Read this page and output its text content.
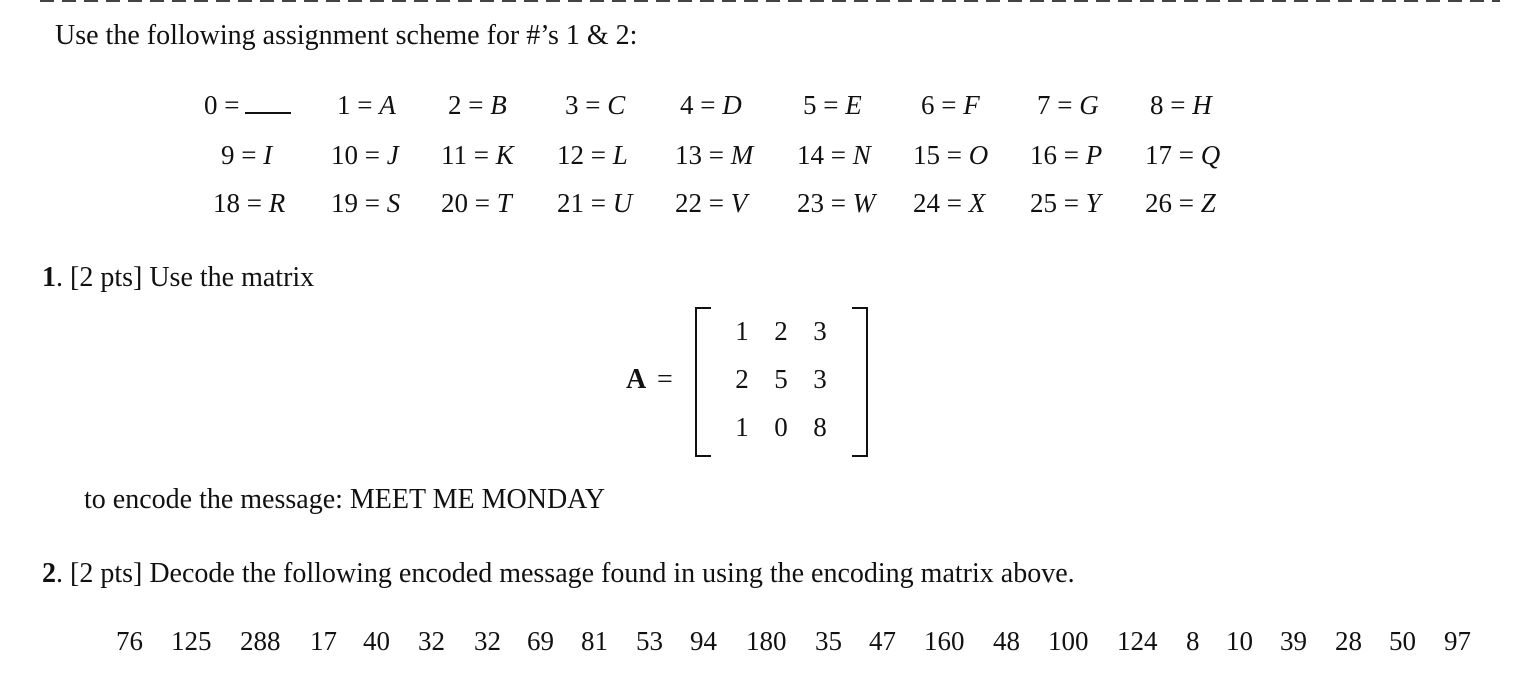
Use the following assignment scheme for #’s 1 & 2:
0 =	1 = A 2 = B 3 = C 4 = D 5 = E 6 = F 7 = G 8 = H
9 = I 10 = J 11 = K 12 = L 13 = M 14 = N 15 = O 16 = P 17 = Q
18 = R 19 = S 20 = T 21 = U 22 = V 23 = W 24 = X 25 = Y 26 = Z
1. [2 pts] Use the matrix
A =
1 2 3
2 5 3
1 0 8
to encode the message: MEET ME MONDAY
2. [2 pts] Decode the following encoded message found in using the encoding matrix above.
76 125 288 17 40 32 32 69 81 53 94 180 35 47 160 48 100 124 8 10 39 28 50 97
